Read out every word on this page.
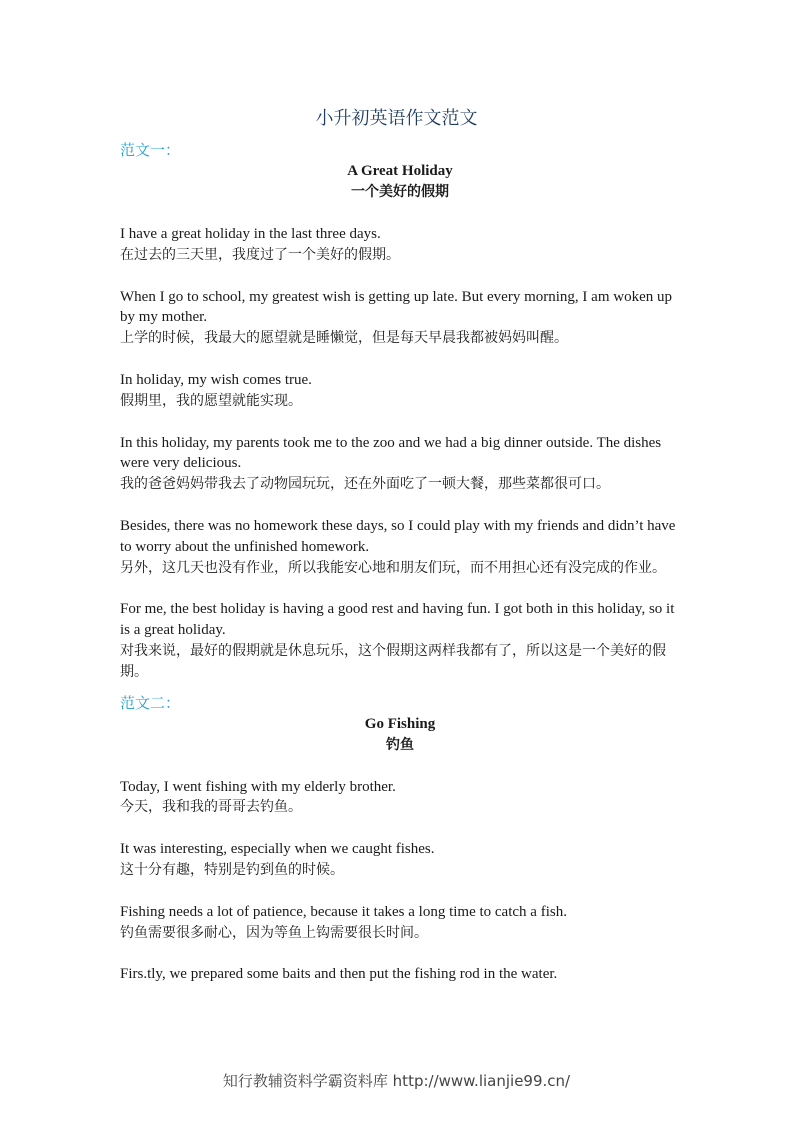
小升初英语作文范文
范文一：
A Great Holiday
一个美好的假期
I have a great holiday in the last three days.
在过去的三天里，我度过了一个美好的假期。
When I go to school, my greatest wish is getting up late. But every morning, I am woken up by my mother.
上学的时候，我最大的愿望就是睡懒觉，但是每天早晨我都被妈妈叫醒。
In holiday, my wish comes true.
假期里，我的愿望就能实现。
In this holiday, my parents took me to the zoo and we had a big dinner outside. The dishes were very delicious.
我的爸爸妈妈带我去了动物园玩玩，还在外面吃了一顿大餐，那些菜都很可口。
Besides, there was no homework these days, so I could play with my friends and didn’t have to worry about the unfinished homework.
另外，这几天也没有作业，所以我能安心地和朋友们玩，而不用担心还有没完成的作业。
For me, the best holiday is having a good rest and having fun. I got both in this holiday, so it is a great holiday.
对我来说，最好的假期就是休息玩乐，这个假期这两样我都有了，所以这是一个美好的假期。
范文二：
Go Fishing
钓鱼
Today, I went fishing with my elderly brother.
今天，我和我的哥哥去钓鱼。
It was interesting, especially when we caught fishes.
这十分有趣，特别是钓到鱼的时候。
Fishing needs a lot of patience, because it takes a long time to catch a fish.
钓鱼需要很多耐心，因为等鱼上钩需要很长时间。
Firs.tly, we prepared some baits and then put the fishing rod in the water.
知行教辅资料学霸资料库 http://www.lianjie99.cn/
